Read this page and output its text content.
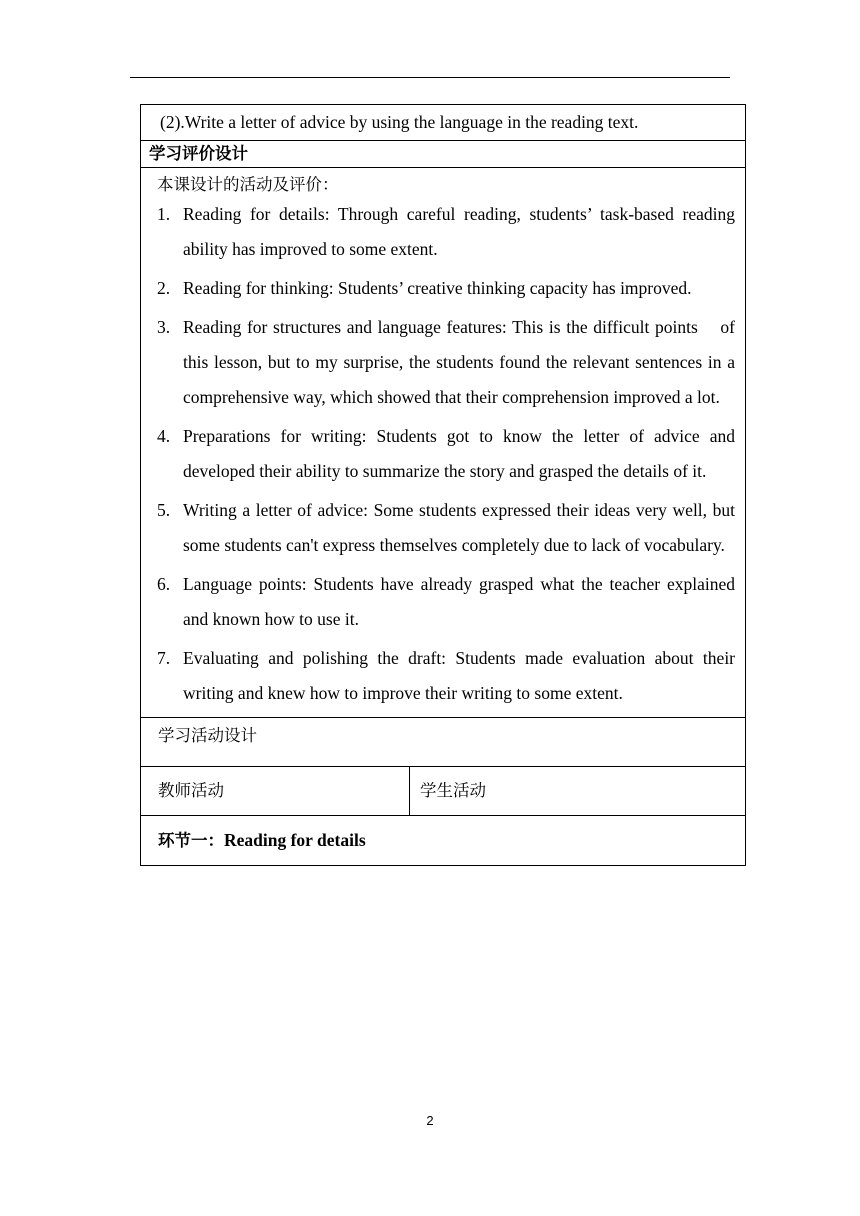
(2).Write a letter of advice by using the language in the reading text.

学习评价设计

本课设计的活动及评价：
1. Reading for details: Through careful reading, students’ task-based reading ability has improved to some extent.
2. Reading for thinking: Students’ creative thinking capacity has improved.
3. Reading for structures and language features: This is the difficult points    of this lesson, but to my surprise, the students found the relevant sentences in a comprehensive way, which showed that their comprehension improved a lot.
4. Preparations for writing: Students got to know the letter of advice and developed their ability to summarize the story and grasped the details of it.
5. Writing a letter of advice: Some students expressed their ideas very well, but some students can't express themselves completely due to lack of vocabulary.
6. Language points: Students have already grasped what the teacher explained and known how to use it.
7. Evaluating and polishing the draft: Students made evaluation about their writing and knew how to improve their writing to some extent.

学习活动设计

教师活动	学生活动

环节一：Reading for details
2
